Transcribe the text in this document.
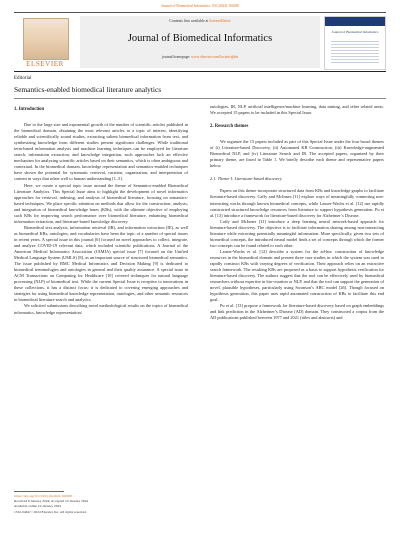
Journal of Biomedical Informatics 150 (2024) 104588
ELSEVIER
Contents lists available at ScienceDirect
Journal of Biomedical Informatics
journal homepage: www.elsevier.com/locate/yjbin
Journal of Biomedical Informatics
Editorial
Semantics-enabled biomedical literature analytics
1. Introduction

Due to the large size and exponential growth of the number of scientific articles published in the biomedical domain, obtaining the most relevant articles to a topic of interest, identifying reliable and scientifically sound studies, extracting salient biomedical information from text, and synthesizing knowledge from different studies present significant challenges. While traditional term-based information analysis and machine learning techniques can be employed for literature search, information extraction, and knowledge integration, such approaches lack an effective mechanism for analyzing scientific articles based on their semantics, which is often ambiguous and contextual. In the biomedical domain, knowledge representation and semantics-enabled techniques have shown the potential for systematic retrieval, curation, organization, and interpretation of content in ways that relate well to human understanding [1–5].

Here, we curate a special topic issue around the theme of Semantics-enabled Biomedical Literature Analytics. This Special Issue aims to highlight the development of novel informatics approaches for retrieval, indexing, and analysis of biomedical literature, focusing on semantics-based techniques. We place specific attention on methods that allow for the construction, analysis, and integration of biomedical knowledge bases (KBs), with the ultimate objective of employing such KBs for improving search performance over biomedical literature, enhancing biomedical information extraction, and literature-based knowledge discovery.

Biomedical text analysis, information retrieval (IR), and information extraction (IE), as well as biomedical KBs, ontologies, and vocabularies have been the topic of a number of special issues in recent years. A special issue in this journal [6] focused on novel approaches to collect, integrate, and analyze COVID-19 relevant data, which included scientific publications. A Journal of the American Medical Informatics Association (JAMIA) special issue [7] focused on the Unified Medical Language System (UMLS) [8], as an important source of structured biomedical semantics. The issue published by BMC Medical Informatics and Decision Making [9] is dedicated to biomedical terminologies and ontologies in general and their quality assurance. A special issue in ACM Transactions on Computing for Healthcare [10] covered techniques for natural language processing (NLP) of biomedical text. While the current Special Issue is receptive to innovations in these collections, it has a distinct focus: it is dedicated to covering emerging approaches and strategies for using biomedical knowledge representation, ontologies, and other semantic resources in biomedical literature search and analytics.

We solicited submissions describing novel methodological results on the topics of biomedical informatics, knowledge representation/

ontologies, IR, NLP, artificial intelligence/machine learning, data mining, and other related areas. We accepted 15 papers to be included in this Special Issue.

2. Research themes

We organize the 15 papers included as part of this Special Issue under the four broad themes of (i) Literature-based Discovery, (ii) Automated KB Construction, (iii) Knowledge-augmented Biomedical NLP, and (iv) Literature Search and IR. The accepted papers, organized by their primary theme, are listed in Table 1. We briefly describe each theme and representative papers below.

2.1. Theme I: Literature-based discovery

Papers on this theme incorporate structured data from KBs and knowledge graphs to facilitate literature-based discovery. Caffy and McInnes [11] explore ways of meaningfully connecting non-interacting works through known biomedical concepts, while Lauser-Wachs et al. [12] use rapidly constructed structured knowledge resources from literature to support hypothesis generation. Pu et al. [13] introduce a framework for literature-based discovery for Alzheimer’s Disease.

Caffy and McInnes [11] introduce a deep learning neural network-based approach for literature-based discovery. The objective is to facilitate information sharing among non-interacting literature while extracting potentially meaningful information. More specifically, given two sets of biomedical concepts, the introduced neural model finds a set of concepts through which the former two concepts can be found related to each other.

Lauser-Wachs et al. [12] describe a system for the ad-hoc construction of knowledge resources in the biomedical domain and present three case studies in which the system was used to rapidly construct KBs with varying degrees of verification. Their approach relies on an extractive search framework. The resulting KBs are proposed as a basis to support hypothesis verification for literature-based discovery. The authors suggest that the tool can be effectively used by biomedical researchers without expertise in bio-curation or NLP, and that the tool can support the generation of novel, plausible hypotheses, particularly using Swanson’s ABC model [26]. Though focused on hypothesis generation, this paper uses rapid automated construction of KBs to facilitate this end goal.

Pu et al. [13] propose a framework for literature-based discovery based on graph embeddings and link prediction in the Alzheimer’s Disease (AD) domain. They constructed a corpus from the AD publications published between 1977 and 2021 (titles and abstracts) and

https://doi.org/10.1016/j.jbi.2024.104588
Received 8 January 2024; Accepted 10 January 2024
Available online 19 January 2024
1532-0464/© 2024 Elsevier Inc. All rights reserved.
